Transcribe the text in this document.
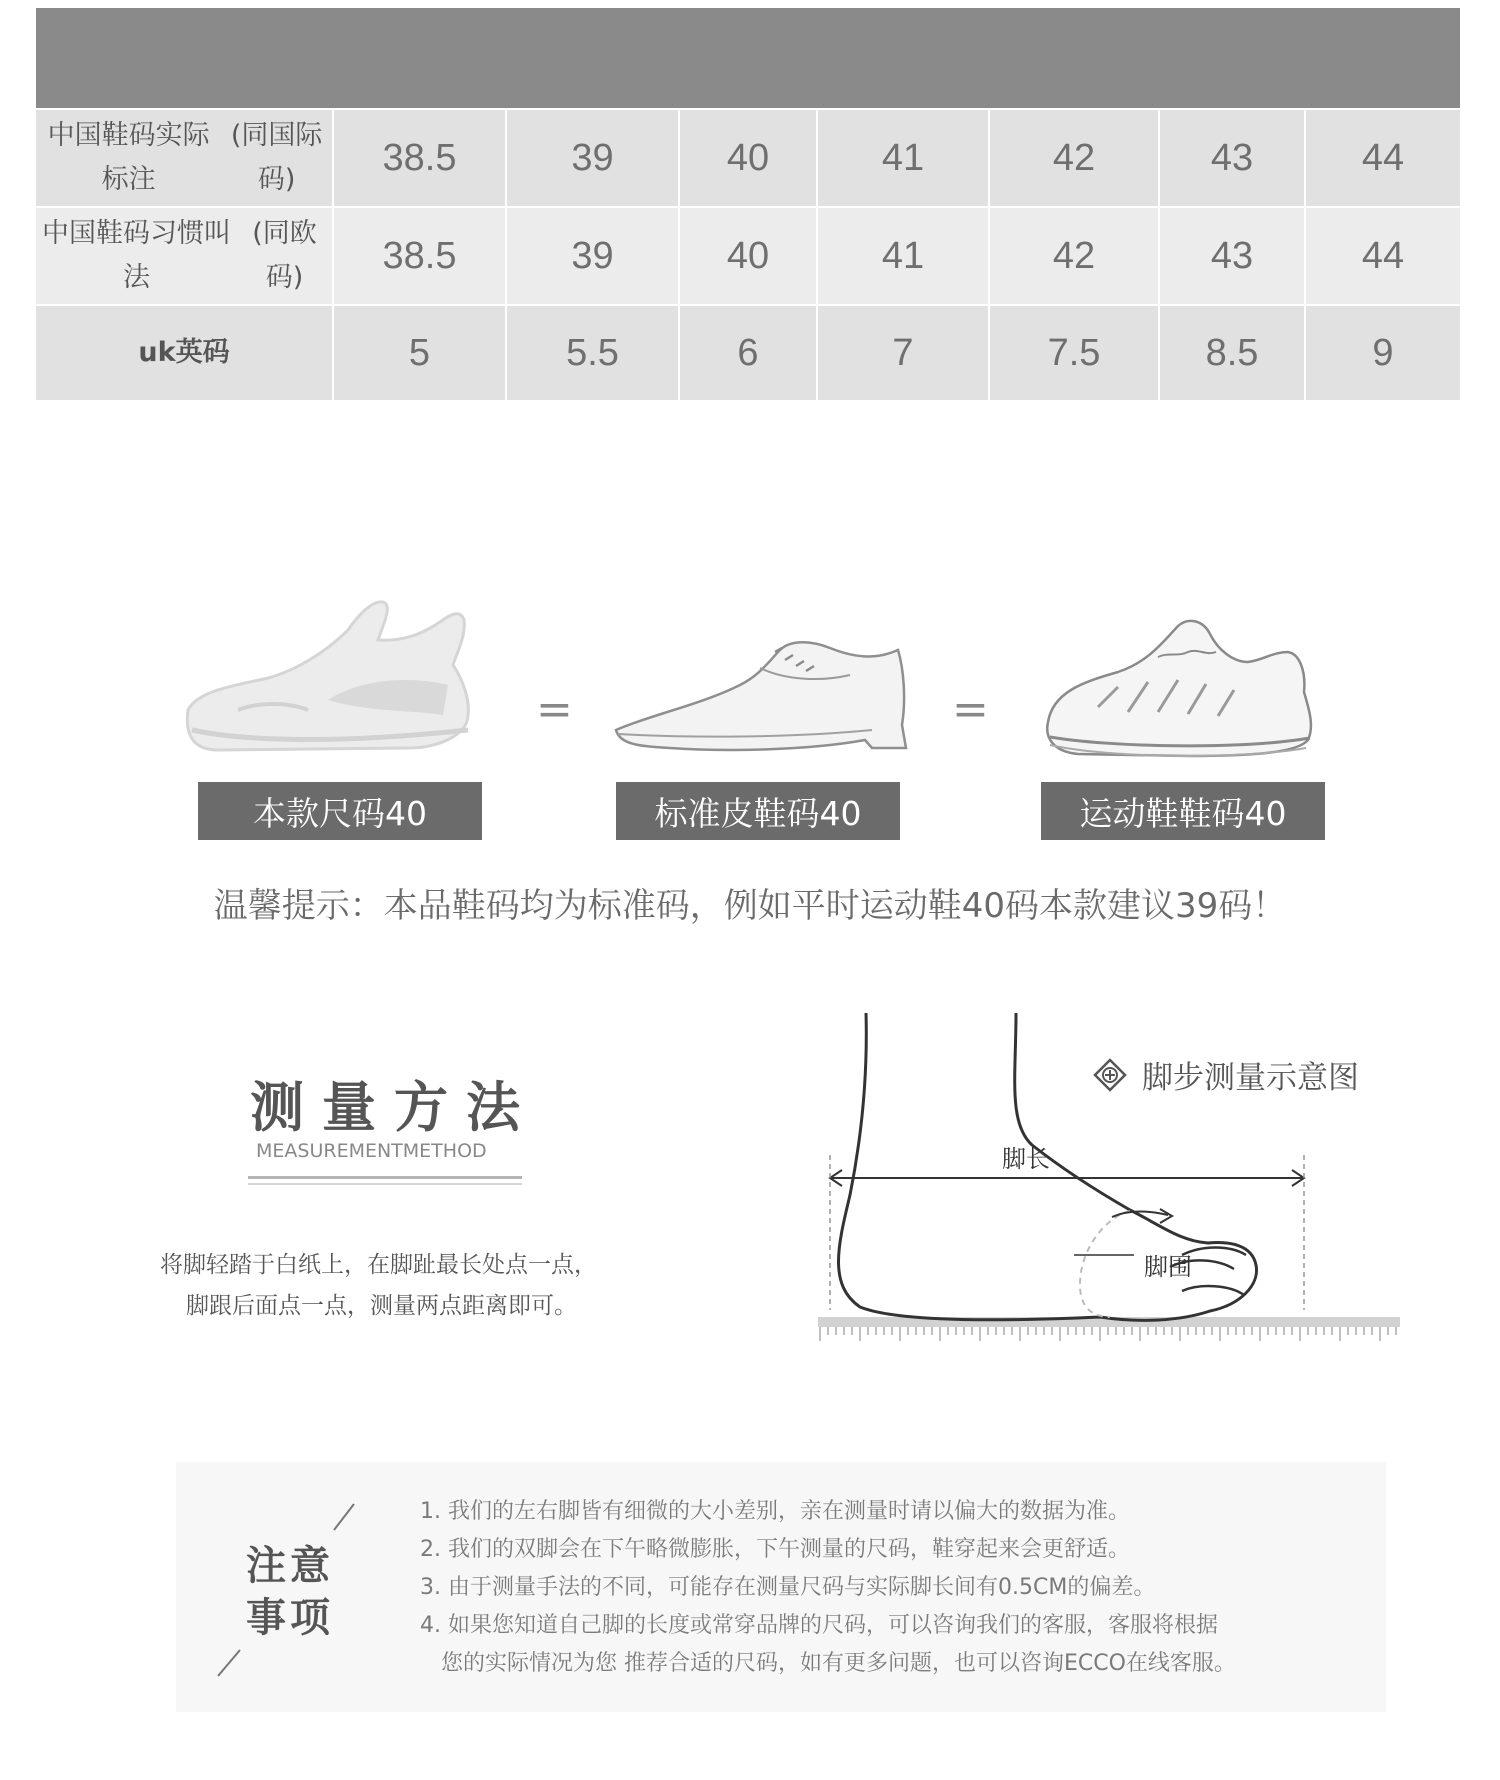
中国鞋码实际标注

(同国际码)
38.5	39	40	41	42	43	44
中国鞋码习惯叫法

(同欧码)
38.5	39	40	41	42	43	44
uk英码	5	5.5	6	7	7.5	8.5	9
=	=
本款尺码40	标准皮鞋码40	运动鞋鞋码40
温馨提示：本品鞋码均为标准码，例如平时运动鞋40码本款建议39码！
测量方法
MEASUREMENTMETHOD
将脚轻踏于白纸上，在脚趾最长处点一点，
脚跟后面点一点，测量两点距离即可。
脚步测量示意图
脚长
脚围
注意
事项
1. 我们的左右脚皆有细微的大小差别，亲在测量时请以偏大的数据为准。
2. 我们的双脚会在下午略微膨胀，下午测量的尺码，鞋穿起来会更舒适。
3. 由于测量手法的不同，可能存在测量尺码与实际脚长间有0.5CM的偏差。
4. 如果您知道自己脚的长度或常穿品牌的尺码，可以咨询我们的客服，客服将根据
您的实际情况为您 推荐合适的尺码，如有更多问题，也可以咨询ECCO在线客服。
